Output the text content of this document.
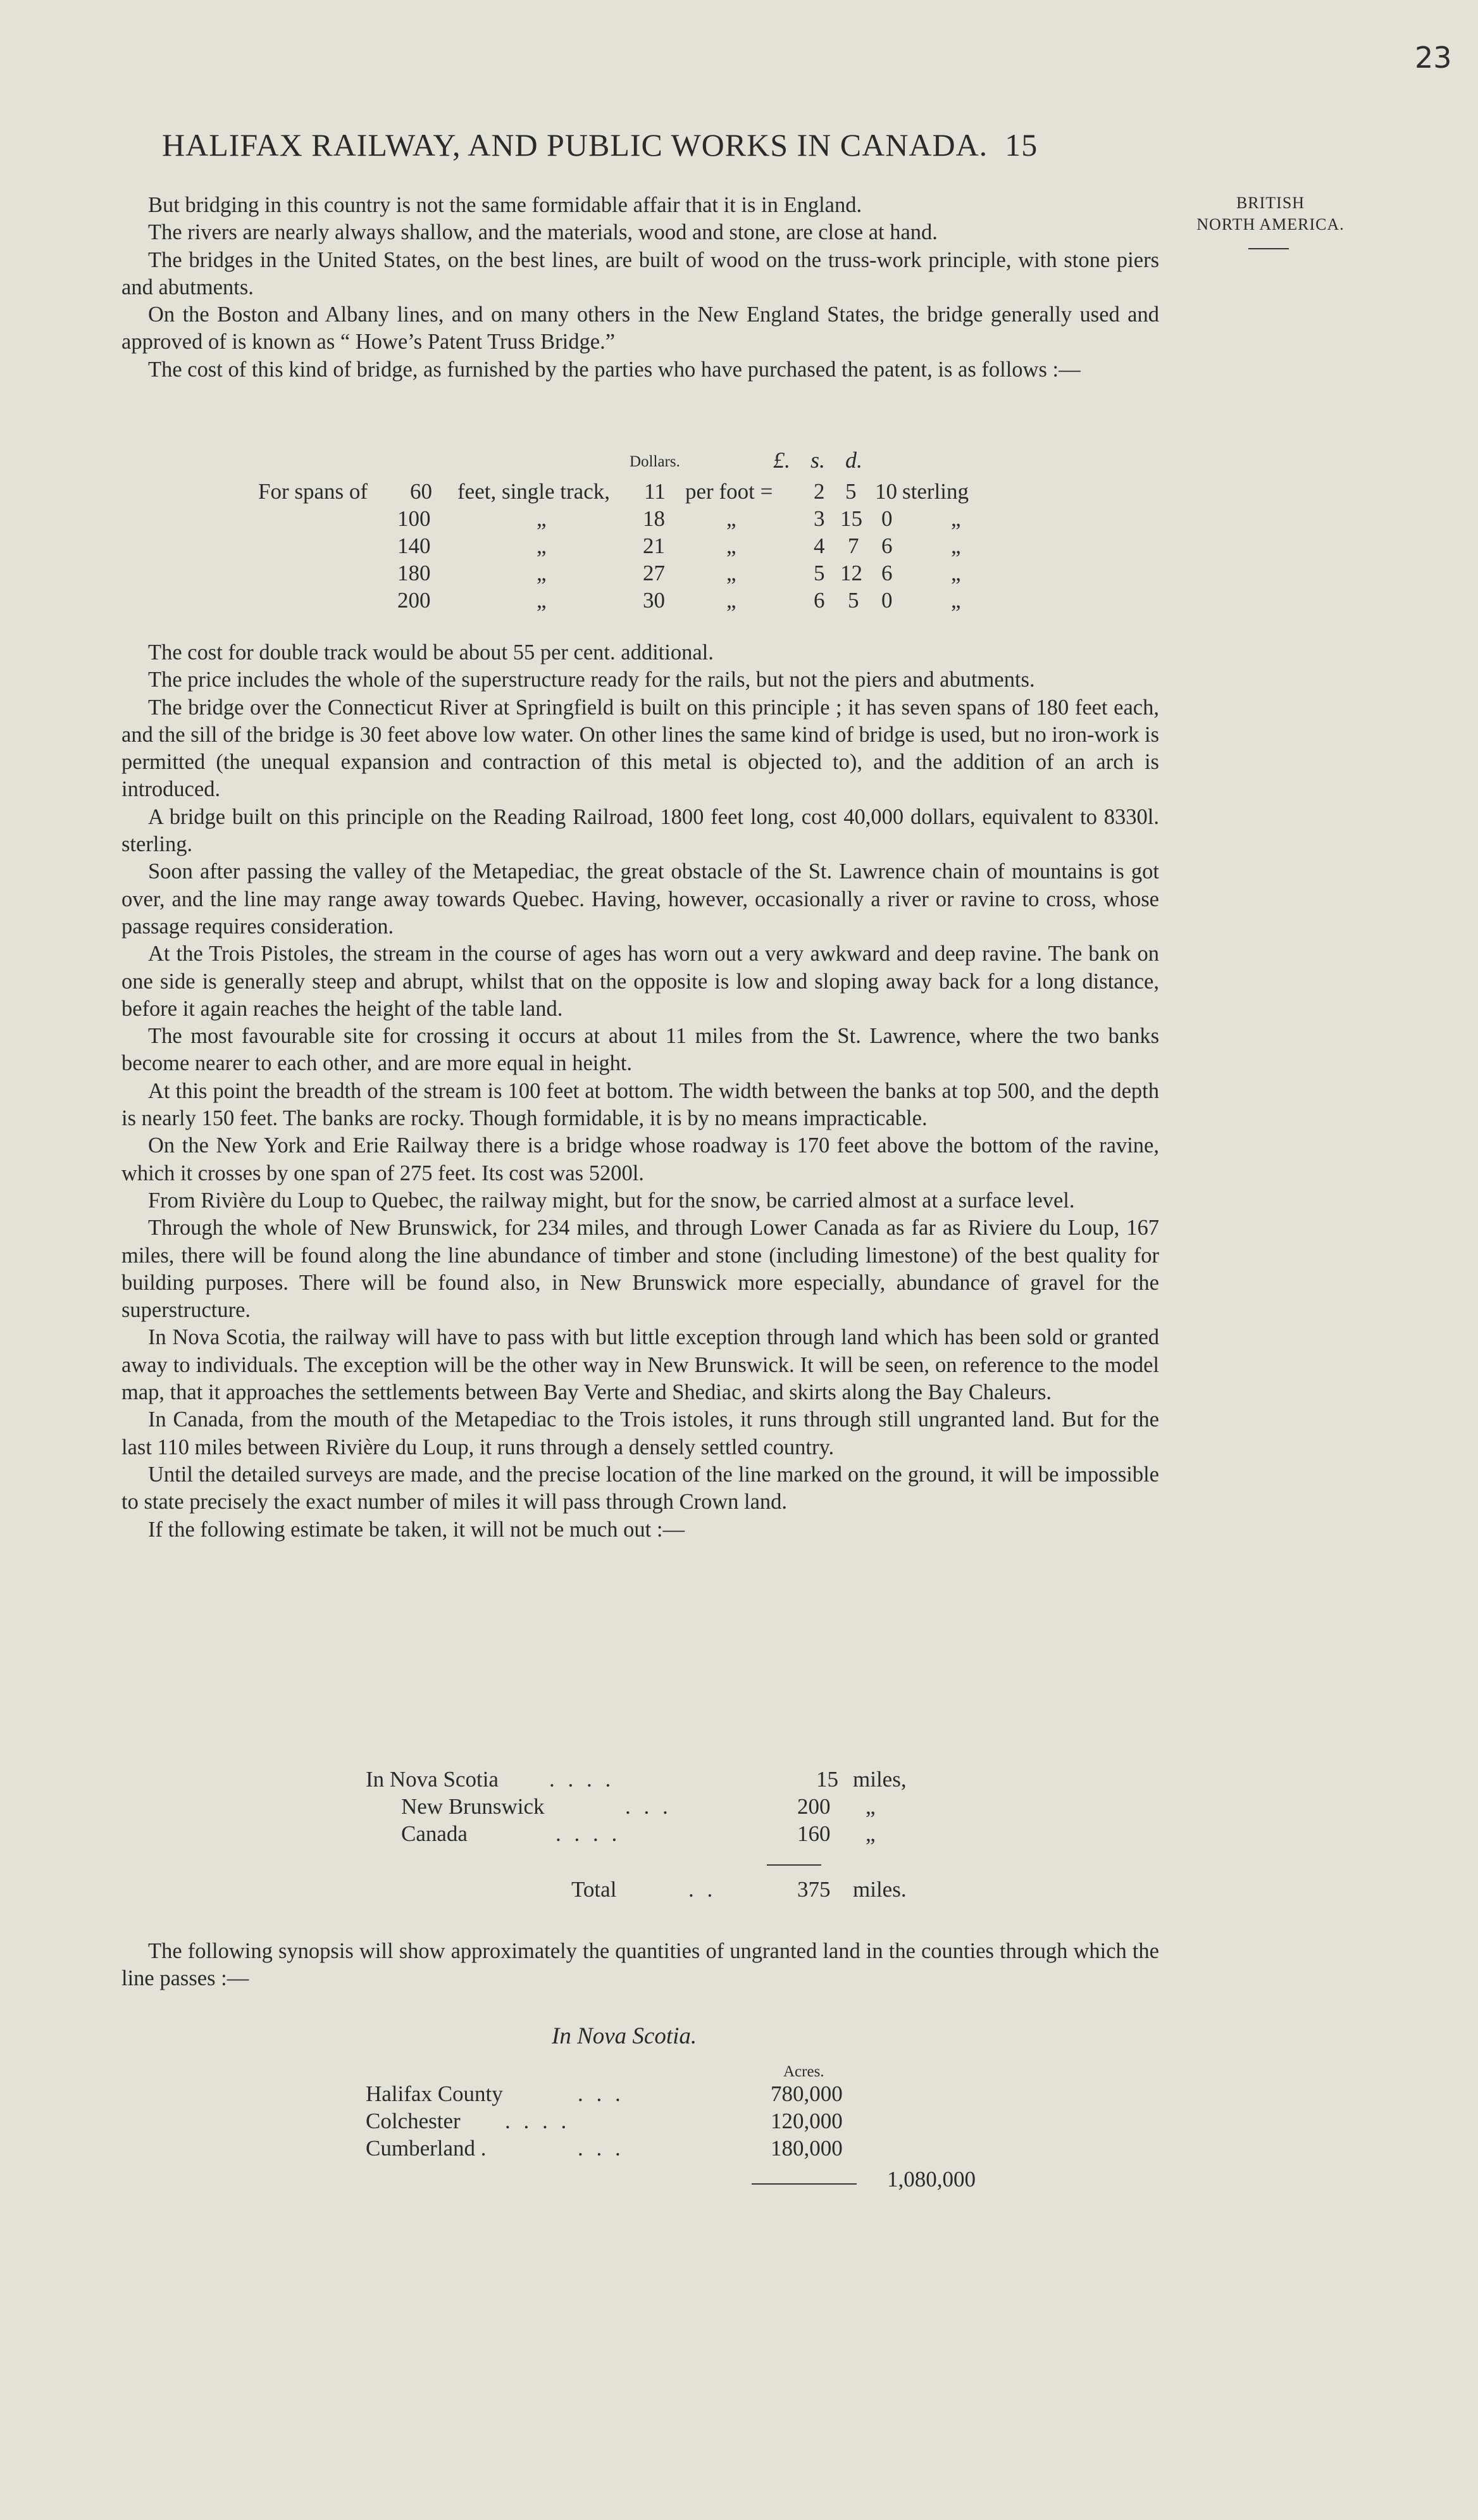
23
HALIFAX RAILWAY, AND PUBLIC WORKS IN CANADA. 15
BRITISH
NORTH AMERICA.

But bridging in this country is not the same formidable affair that it is in England.

The rivers are nearly always shallow, and the materials, wood and stone, are close at hand.

The bridges in the United States, on the best lines, are built of wood on the truss-work principle, with stone piers and abutments.

On the Boston and Albany lines, and on many others in the New England States, the bridge generally used and approved of is known as “ Howe’s Patent Truss Bridge.”

The cost of this kind of bridge, as furnished by the parties who have purchased the patent, is as follows :—

Dollars.	£. s. d.
For spans of 60 feet, single track, 11 per foot = 2 5 10 sterling
100	„	18	„	3 15 0	„
140	„	21	„	4 7 6	„
180	„	27	„	5 12 6	„
200	„	30	„	6 5 0	„

The cost for double track would be about 55 per cent. additional.

The price includes the whole of the superstructure ready for the rails, but not the piers and abutments.

The bridge over the Connecticut River at Springfield is built on this principle ; it has seven spans of 180 feet each, and the sill of the bridge is 30 feet above low water. On other lines the same kind of bridge is used, but no iron-work is permitted (the unequal expansion and contraction of this metal is objected to), and the addition of an arch is introduced.

A bridge built on this principle on the Reading Railroad, 1800 feet long, cost 40,000 dollars, equivalent to 8330l. sterling.

Soon after passing the valley of the Metapediac, the great obstacle of the St. Lawrence chain of mountains is got over, and the line may range away towards Quebec. Having, however, occasionally a river or ravine to cross, whose passage requires consideration.

At the Trois Pistoles, the stream in the course of ages has worn out a very awkward and deep ravine. The bank on one side is generally steep and abrupt, whilst that on the opposite is low and sloping away back for a long distance, before it again reaches the height of the table land.

The most favourable site for crossing it occurs at about 11 miles from the St. Lawrence, where the two banks become nearer to each other, and are more equal in height.

At this point the breadth of the stream is 100 feet at bottom. The width between the banks at top 500, and the depth is nearly 150 feet. The banks are rocky. Though formidable, it is by no means impracticable.

On the New York and Erie Railway there is a bridge whose roadway is 170 feet above the bottom of the ravine, which it crosses by one span of 275 feet. Its cost was 5200l.

From Rivière du Loup to Quebec, the railway might, but for the snow, be carried almost at a surface level.

Through the whole of New Brunswick, for 234 miles, and through Lower Canada as far as Riviere du Loup, 167 miles, there will be found along the line abundance of timber and stone (including limestone) of the best quality for building purposes. There will be found also, in New Brunswick more especially, abundance of gravel for the superstructure.

In Nova Scotia, the railway will have to pass with but little exception through land which has been sold or granted away to individuals. The exception will be the other way in New Brunswick. It will be seen, on reference to the model map, that it approaches the settlements between Bay Verte and Shediac, and skirts along the Bay Chaleurs.

In Canada, from the mouth of the Metapediac to the Trois istoles, it runs through still ungranted land. But for the last 110 miles between Rivière du Loup, it runs through a densely settled country.

Until the detailed surveys are made, and the precise location of the line marked on the ground, it will be impossible to state precisely the exact number of miles it will pass through Crown land.

If the following estimate be taken, it will not be much out :—

In Nova Scotia . . . .	15 miles,
New Brunswick	. . .	200 „
Canada	. . . .	160 „
Total	. .	375 miles.

The following synopsis will show approximately the quantities of ungranted land in the counties through which the line passes :—

In Nova Scotia.
Acres.
Halifax County	. . .	780,000
Colchester . . . .	120,000
Cumberland .	. . .	180,000
1,080,000
